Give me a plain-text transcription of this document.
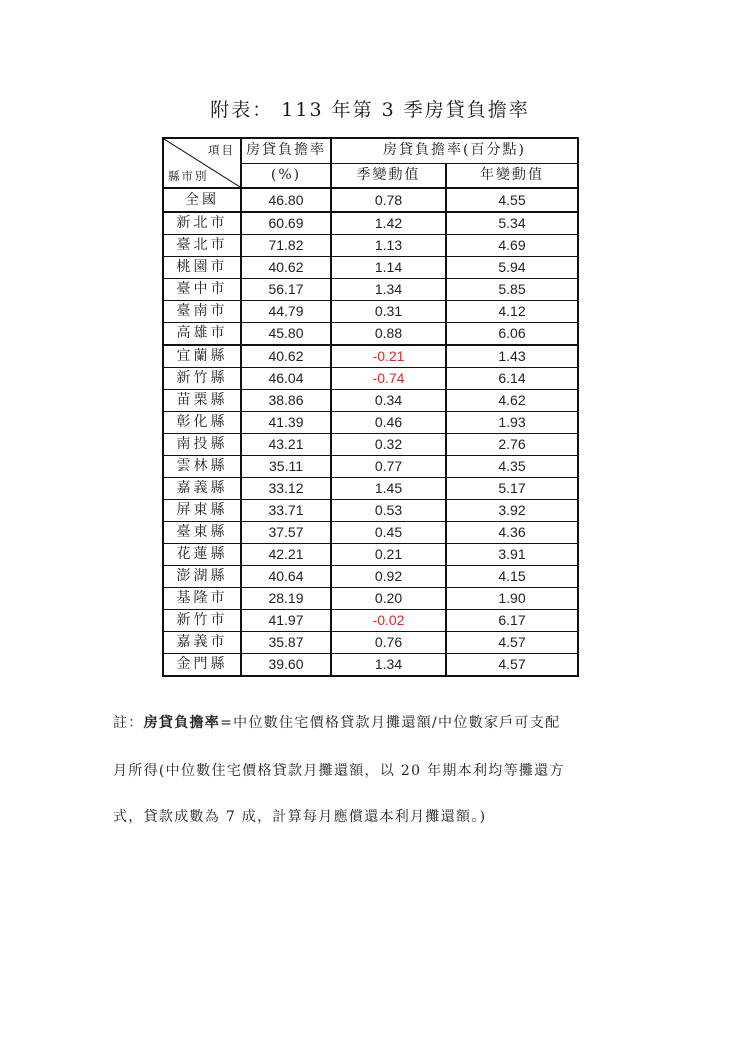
附表： 113 年第 3 季房貸負擔率
項目
縣市別	房貸負擔率	房貸負擔率(百分點)	
	(%)	季變動值	年變動值
全國	46.80	0.78	4.55
新北市	60.69	1.42	5.34
臺北市	71.82	1.13	4.69
桃園市	40.62	1.14	5.94
臺中市	56.17	1.34	5.85
臺南市	44.79	0.31	4.12
高雄市	45.80	0.88	6.06
宜蘭縣	40.62	-0.21	1.43
新竹縣	46.04	-0.74	6.14
苗栗縣	38.86	0.34	4.62
彰化縣	41.39	0.46	1.93
南投縣	43.21	0.32	2.76
雲林縣	35.11	0.77	4.35
嘉義縣	33.12	1.45	5.17
屏東縣	33.71	0.53	3.92
臺東縣	37.57	0.45	4.36
花蓮縣	42.21	0.21	3.91
澎湖縣	40.64	0.92	4.15
基隆市	28.19	0.20	1.90
新竹市	41.97	-0.02	6.17
嘉義市	35.87	0.76	4.57
金門縣	39.60	1.34	4.57
註：房貸負擔率=中位數住宅價格貸款月攤還額/中位數家戶可支配
月所得(中位數住宅價格貸款月攤還額，以 20 年期本利均等攤還方
式，貸款成數為 7 成，計算每月應償還本利月攤還額。)
